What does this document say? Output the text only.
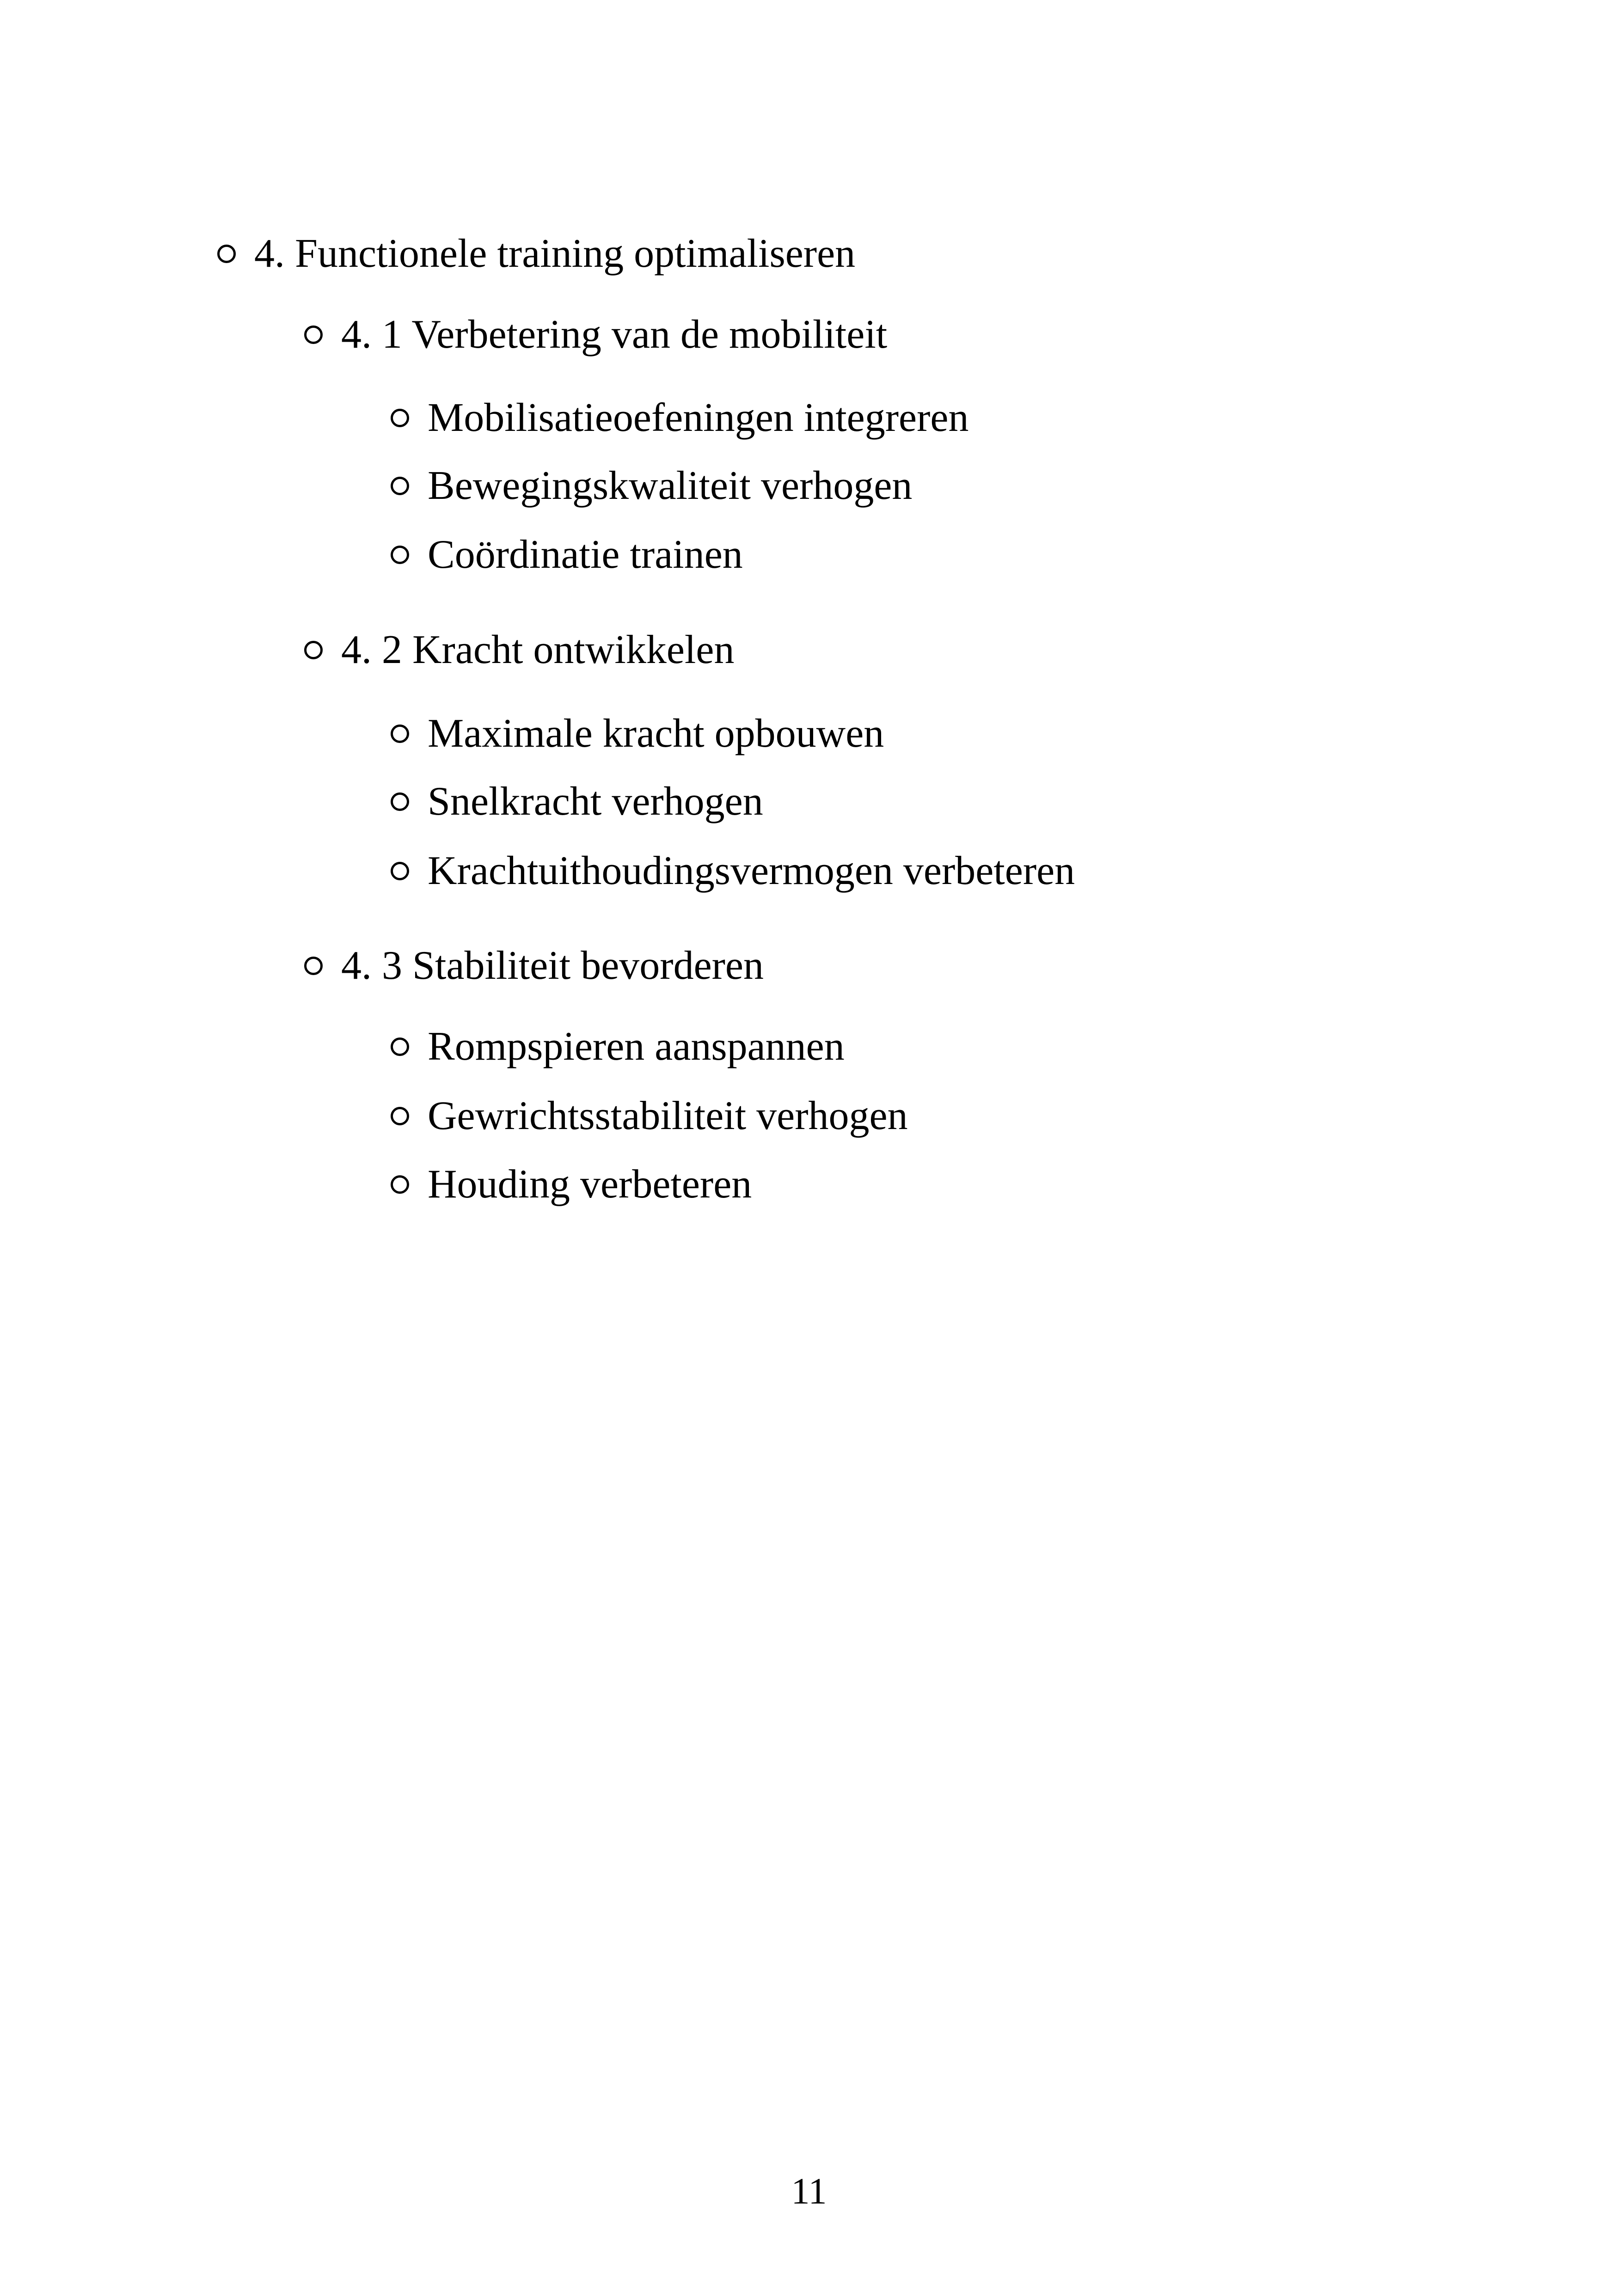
4. Functionele training optimaliseren
4. 1 Verbetering van de mobiliteit
Mobilisatieoefeningen integreren
Bewegingskwaliteit verhogen
Coördinatie trainen
4. 2 Kracht ontwikkelen
Maximale kracht opbouwen
Snelkracht verhogen
Krachtuithoudingsvermogen verbeteren
4. 3 Stabiliteit bevorderen
Rompspieren aanspannen
Gewrichtsstabiliteit verhogen
Houding verbeteren
11
